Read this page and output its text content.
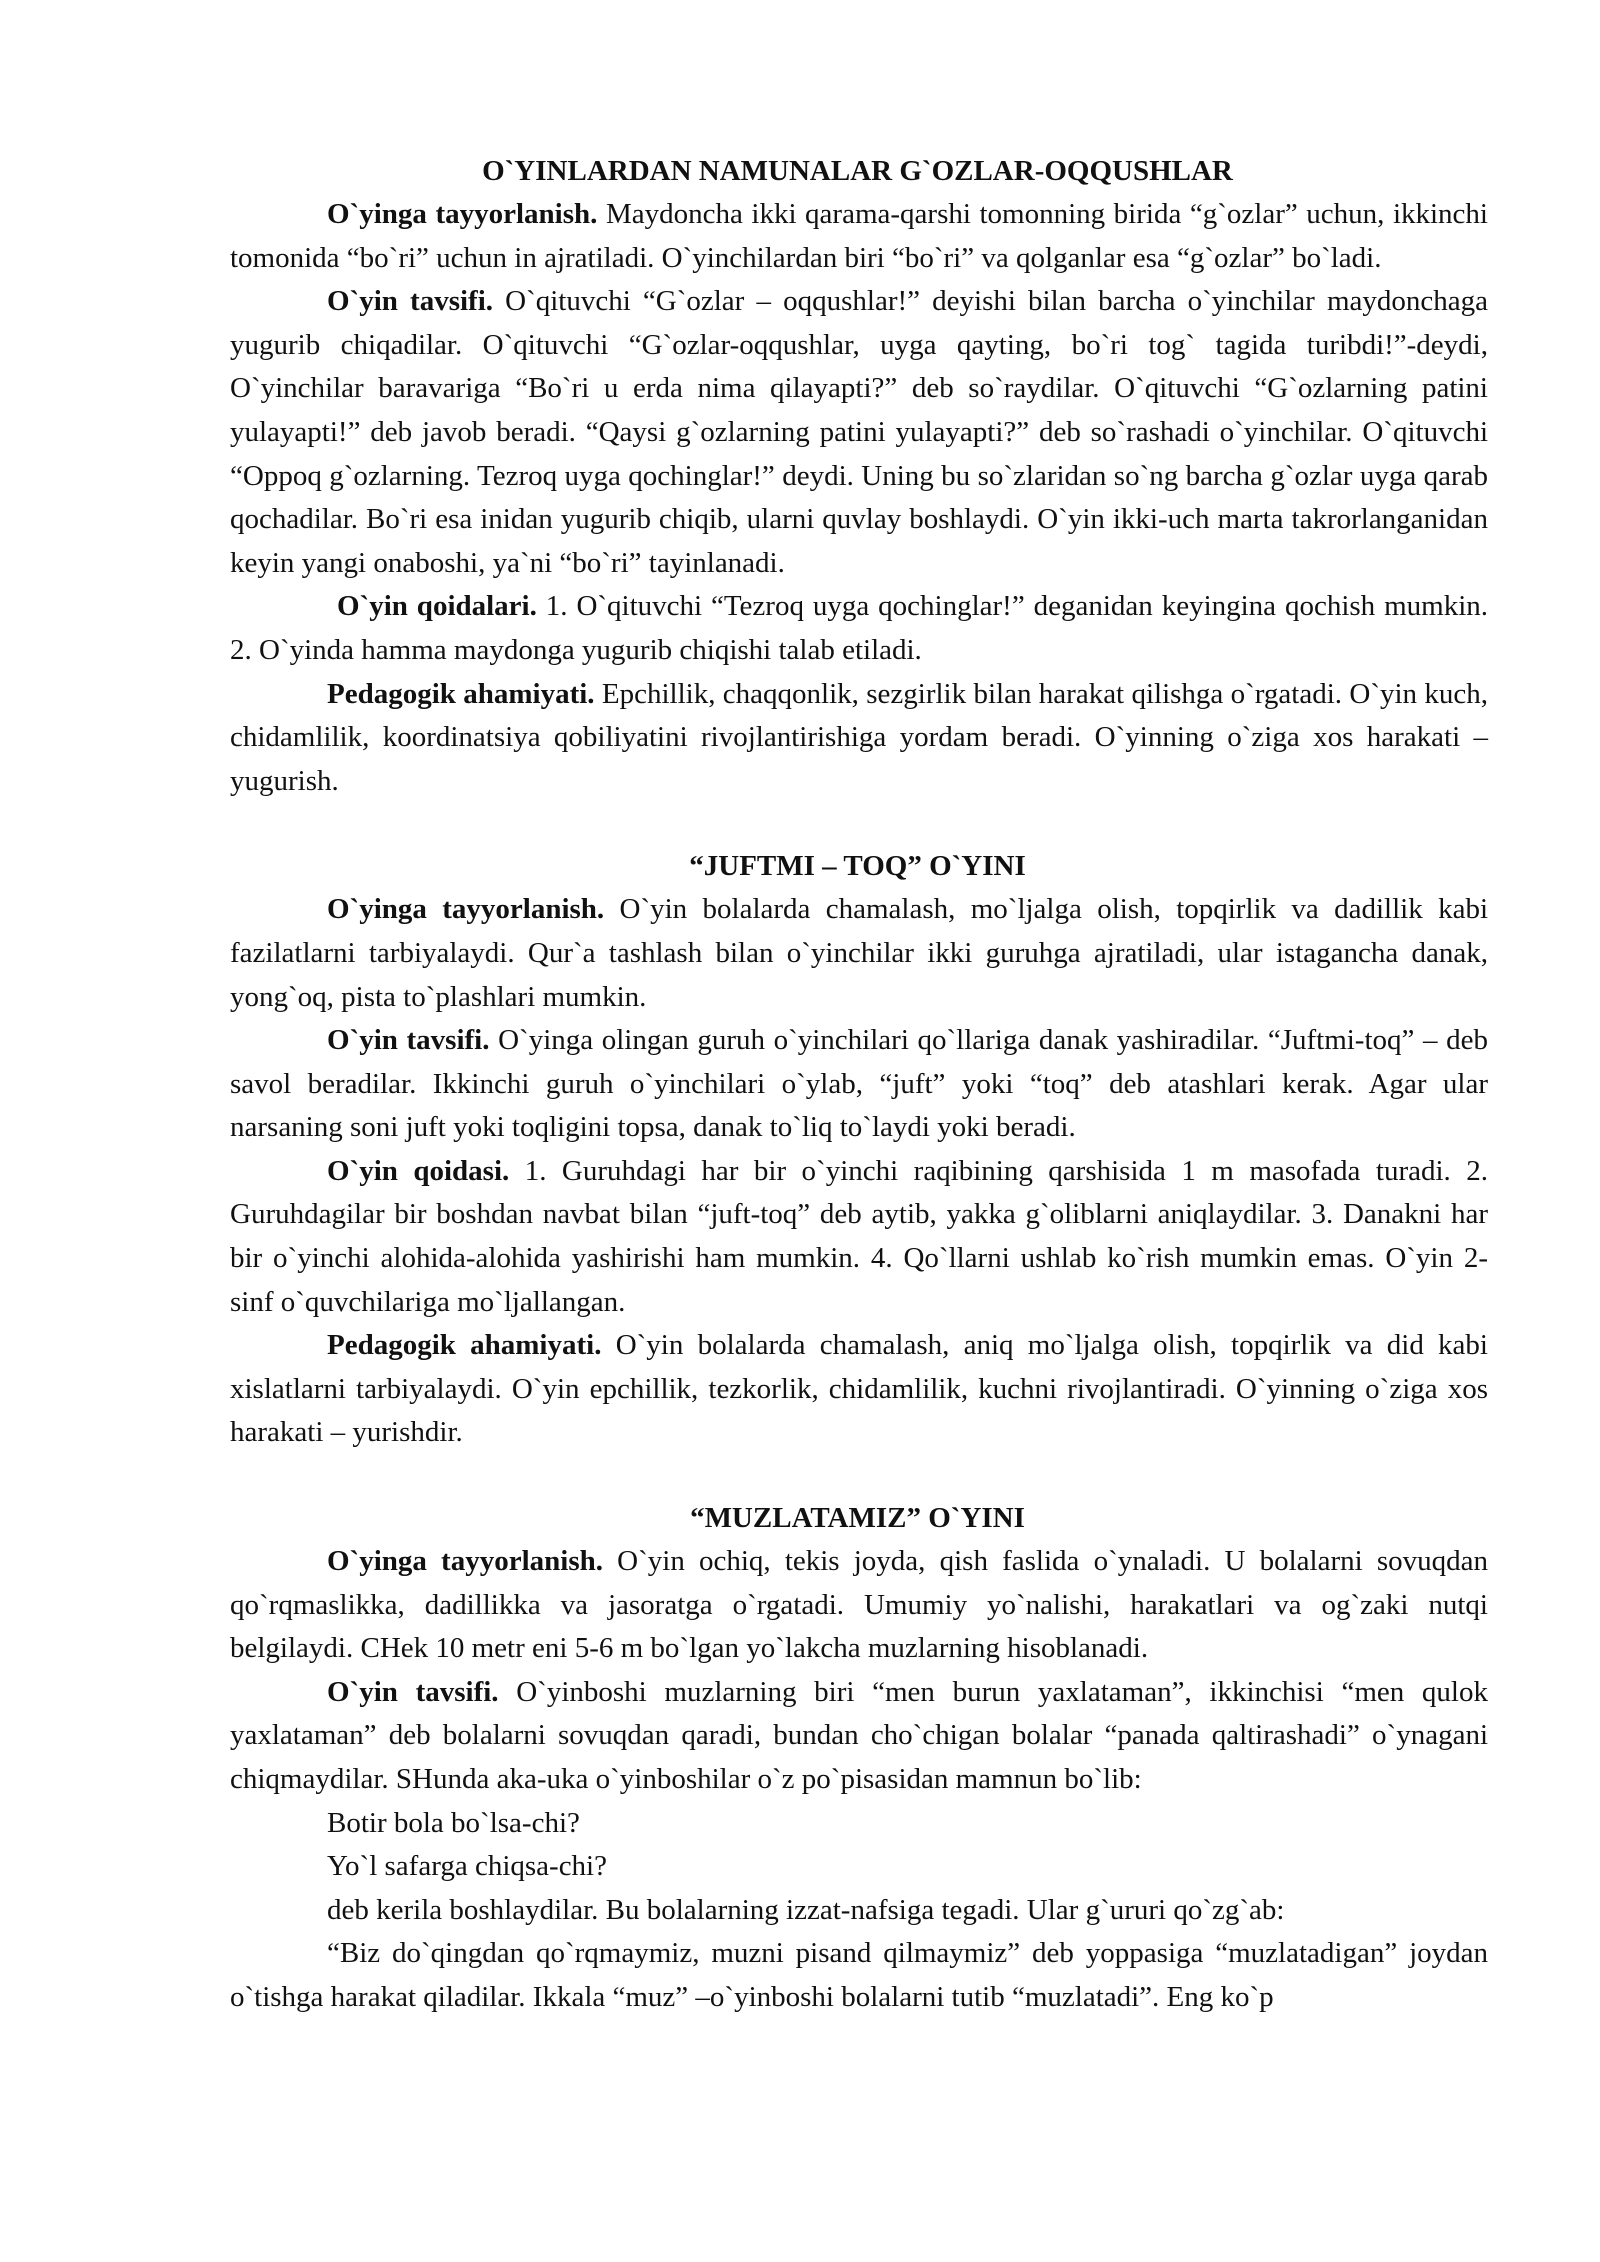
O`YINLARDAN NAMUNALAR G`OZLAR-OQQUSHLAR

O`yinga tayyorlanish. Maydoncha ikki qarama-qarshi tomonning birida “g`ozlar” uchun, ikkinchi tomonida “bo`ri” uchun in ajratiladi. O`yinchilardan biri “bo`ri” va qolganlar esa “g`ozlar” bo`ladi.

O`yin tavsifi. O`qituvchi “G`ozlar – oqqushlar!” deyishi bilan barcha o`yinchilar maydonchaga yugurib chiqadilar. O`qituvchi “G`ozlar-oqqushlar, uyga qayting, bo`ri tog` tagida turibdi!”-deydi, O`yinchilar baravariga “Bo`ri u erda nima qilayapti?” deb so`raydilar. O`qituvchi “G`ozlarning patini yulayapti!” deb javob beradi. “Qaysi g`ozlarning patini yulayapti?” deb so`rashadi o`yinchilar. O`qituvchi “Oppoq g`ozlarning. Tezroq uyga qochinglar!” deydi. Uning bu so`zlaridan so`ng barcha g`ozlar uyga qarab qochadilar. Bo`ri esa inidan yugurib chiqib, ularni quvlay boshlaydi. O`yin ikki-uch marta takrorlanganidan keyin yangi onaboshi, ya`ni “bo`ri” tayinlanadi.

O`yin qoidalari. 1. O`qituvchi “Tezroq uyga qochinglar!” deganidan keyingina qochish mumkin. 2. O`yinda hamma maydonga yugurib chiqishi talab etiladi.

Pedagogik ahamiyati. Epchillik, chaqqonlik, sezgirlik bilan harakat qilishga o`rgatadi. O`yin kuch, chidamlilik, koordinatsiya qobiliyatini rivojlantirishiga yordam beradi. O`yinning o`ziga xos harakati – yugurish.

“JUFTMI – TOQ” O`YINI

O`yinga tayyorlanish. O`yin bolalarda chamalash, mo`ljalga olish, topqirlik va dadillik kabi fazilatlarni tarbiyalaydi. Qur`a tashlash bilan o`yinchilar ikki guruhga ajratiladi, ular istagancha danak, yong`oq, pista to`plashlari mumkin.

O`yin tavsifi. O`yinga olingan guruh o`yinchilari qo`llariga danak yashiradilar. “Juftmi-toq” – deb savol beradilar. Ikkinchi guruh o`yinchilari o`ylab, “juft” yoki “toq” deb atashlari kerak. Agar ular narsaning soni juft yoki toqligini topsa, danak to`liq to`laydi yoki beradi.

O`yin qoidasi. 1. Guruhdagi har bir o`yinchi raqibining qarshisida 1 m masofada turadi. 2. Guruhdagilar bir boshdan navbat bilan “juft-toq” deb aytib, yakka g`oliblarni aniqlaydilar. 3. Danakni har bir o`yinchi alohida-alohida yashirishi ham mumkin. 4. Qo`llarni ushlab ko`rish mumkin emas. O`yin 2- sinf o`quvchilariga mo`ljallangan.

Pedagogik ahamiyati. O`yin bolalarda chamalash, aniq mo`ljalga olish, topqirlik va did kabi xislatlarni tarbiyalaydi. O`yin epchillik, tezkorlik, chidamlilik, kuchni rivojlantiradi. O`yinning o`ziga xos harakati – yurishdir.

“MUZLATAMIZ” O`YINI

O`yinga tayyorlanish. O`yin ochiq, tekis joyda, qish faslida o`ynaladi. U bolalarni sovuqdan qo`rqmaslikka, dadillikka va jasoratga o`rgatadi. Umumiy yo`nalishi, harakatlari va og`zaki nutqi belgilaydi. CHek 10 metr eni 5-6 m bo`lgan yo`lakcha muzlarning hisoblanadi.

O`yin tavsifi. O`yinboshi muzlarning biri “men burun yaxlataman”, ikkinchisi “men qulok yaxlataman” deb bolalarni sovuqdan qaradi, bundan cho`chigan bolalar “panada qaltirashadi” o`ynagani chiqmaydilar. SHunda aka-uka o`yinboshilar o`z po`pisasidan mamnun bo`lib:

Botir bola bo`lsa-chi?

Yo`l safarga chiqsa-chi?

deb kerila boshlaydilar. Bu bolalarning izzat-nafsiga tegadi. Ular g`ururi qo`zg`ab:

“Biz do`qingdan qo`rqmaymiz, muzni pisand qilmaymiz” deb yoppasiga “muzlatadigan” joydan o`tishga harakat qiladilar. Ikkala “muz” –o`yinboshi bolalarni tutib “muzlatadi”. Eng ko`p
